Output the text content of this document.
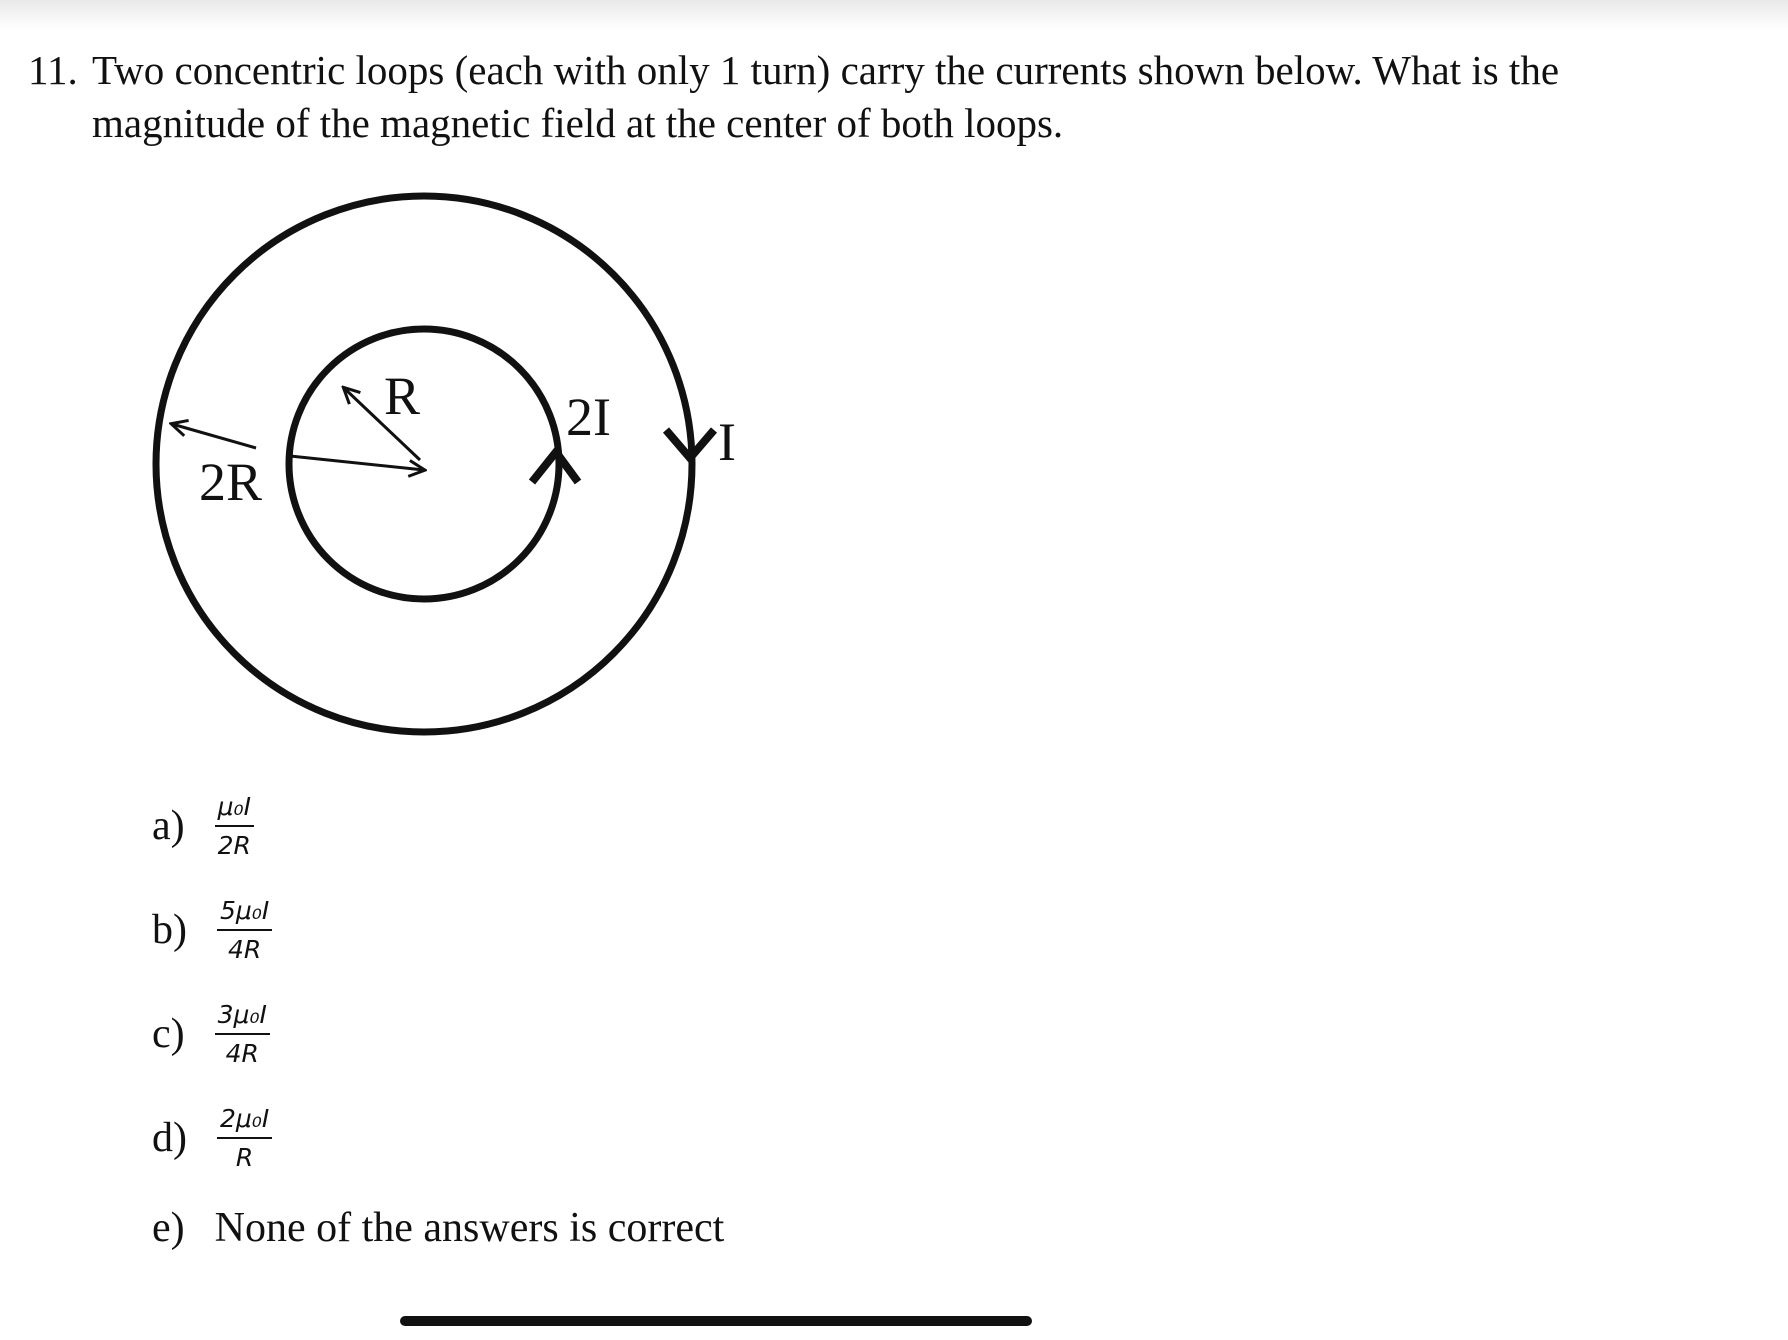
11. Two concentric loops (each with only 1 turn) carry the currents shown below. What is the
magnitude of the magnetic field at the center of both loops.
R
2R
2I I
$a) \frac{\text{μ₀I}}{2R}$
$b) \frac{\text{5μ₀I}}{4R}$
$c) \frac{\text{3μ₀I}}{4R}$
$d) \frac{\text{2μ₀I}}{R}$
e) None of the answers is correct
